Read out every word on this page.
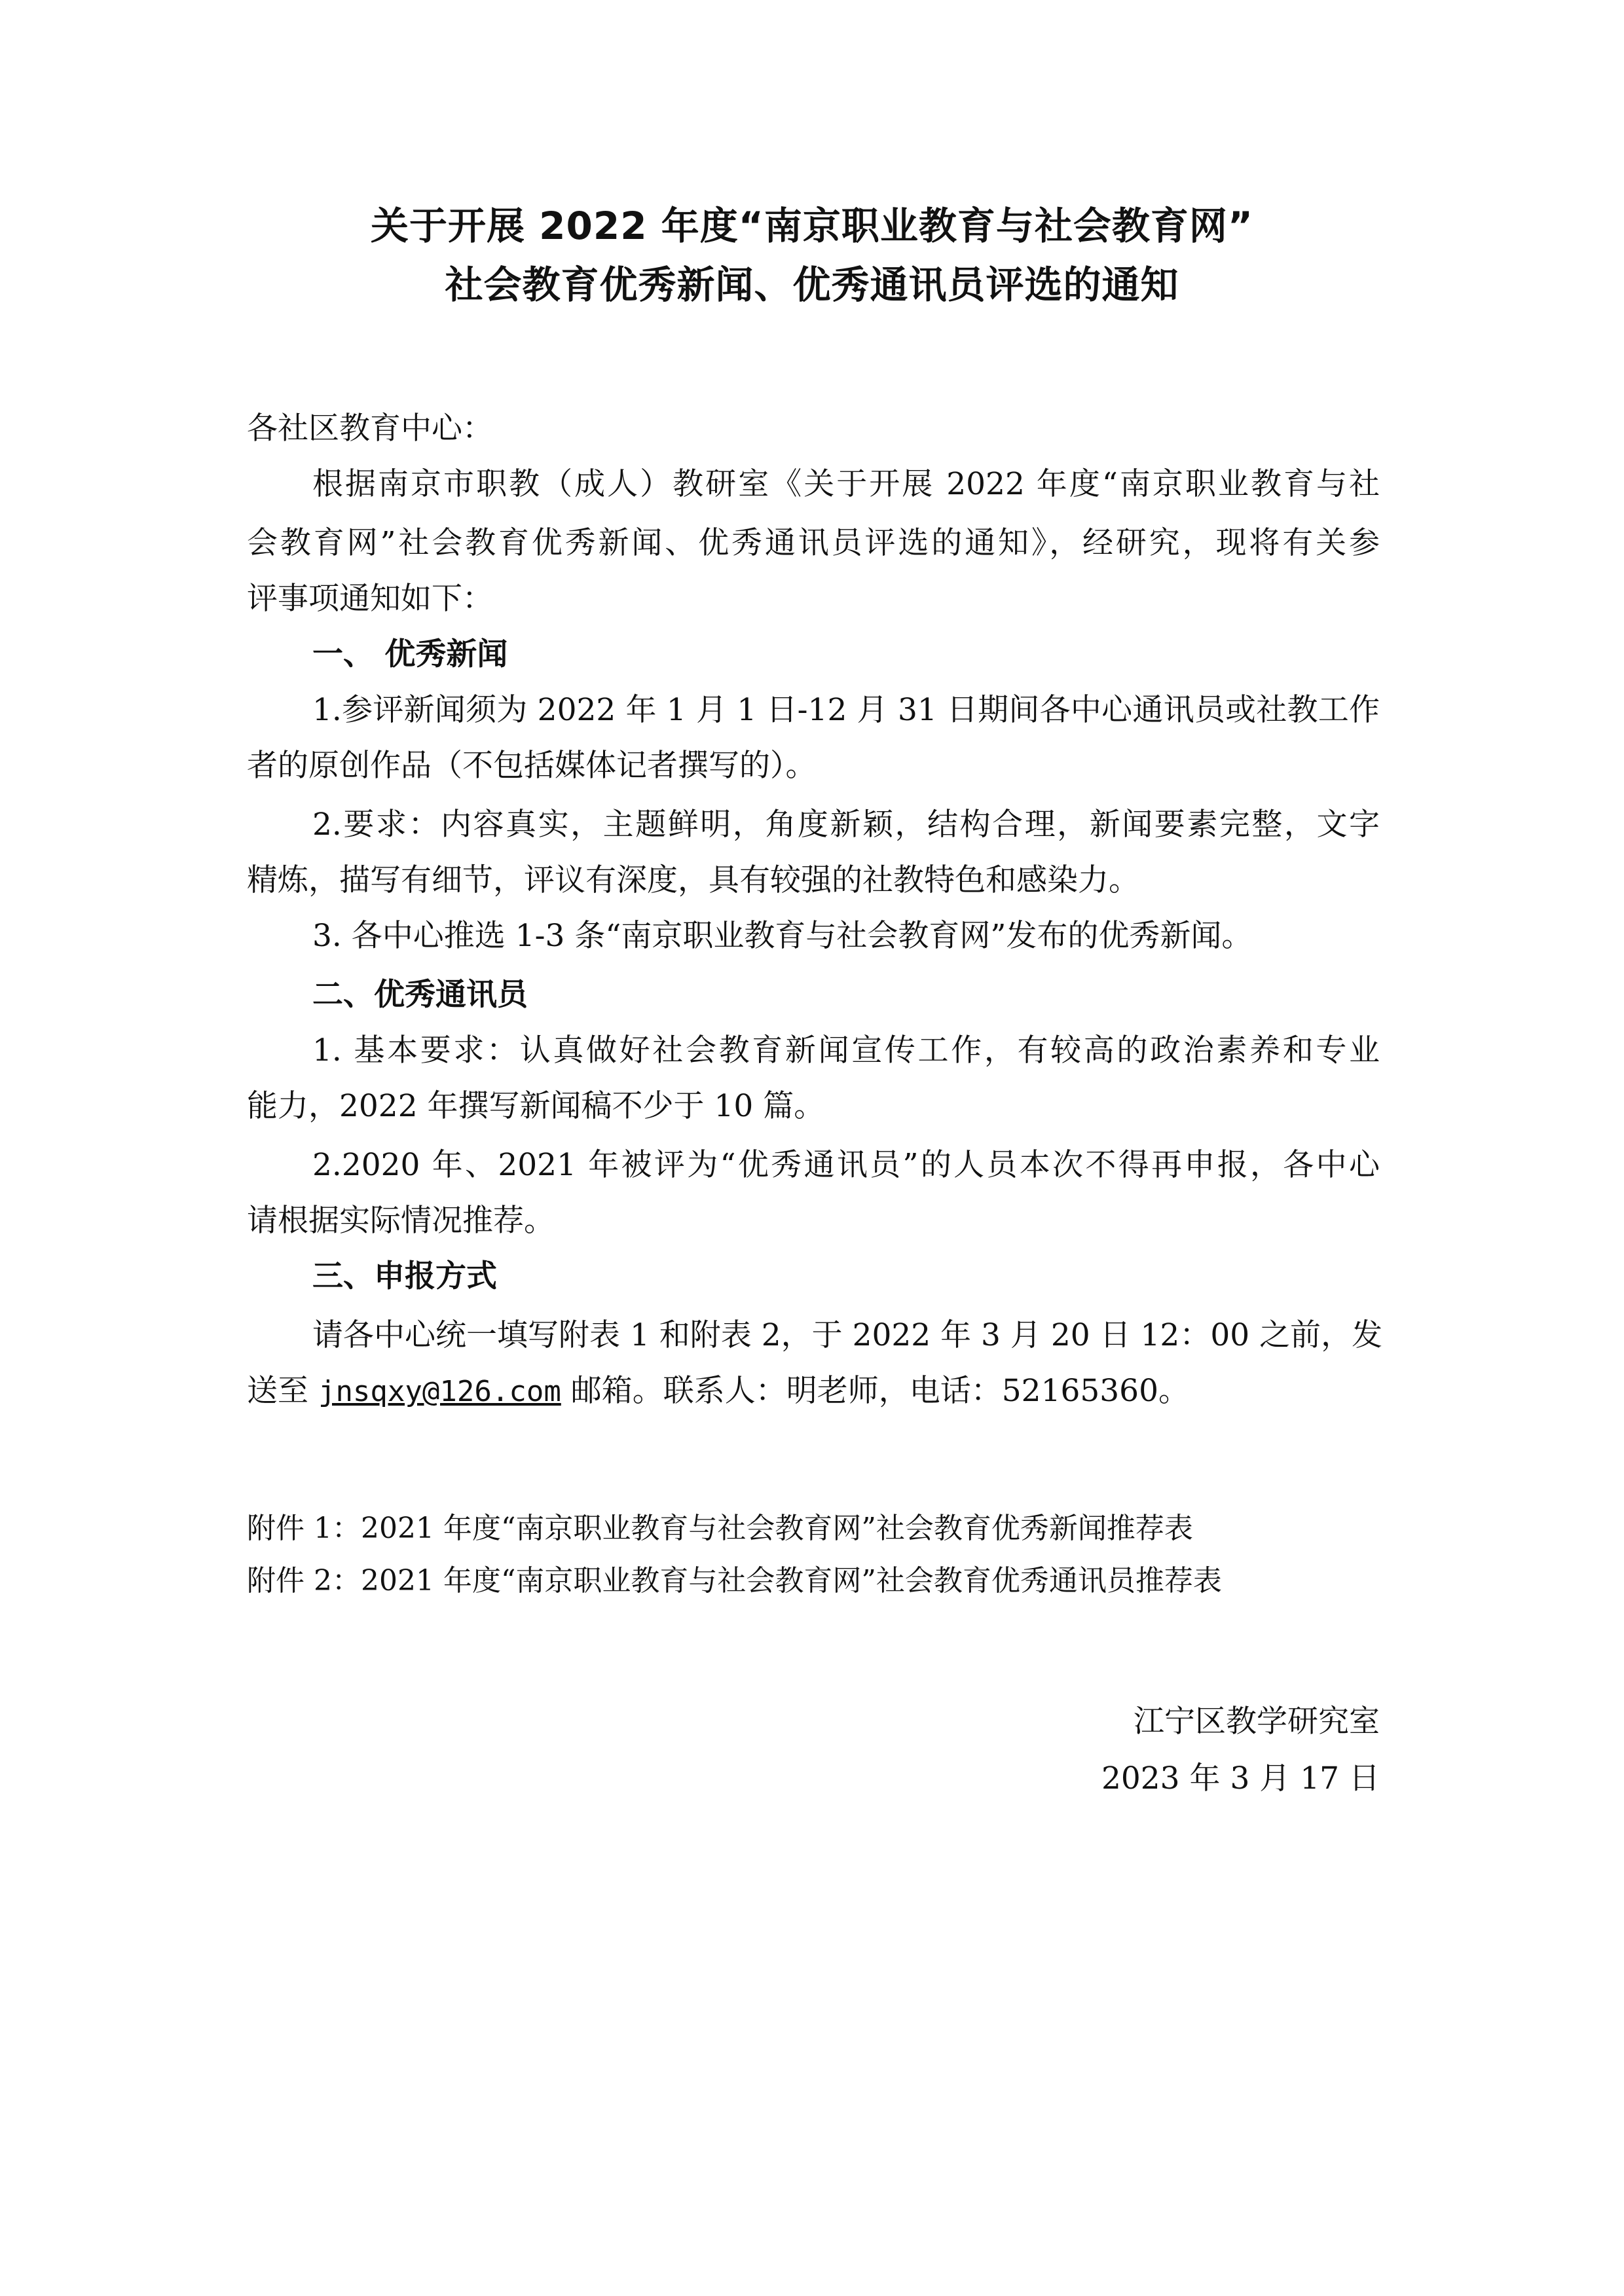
关于开展 2022 年度“南京职业教育与社会教育网”
社会教育优秀新闻、优秀通讯员评选的通知

各社区教育中心：

根据南京市职教（成人）教研室《关于开展 2022 年度“南京职业教育与社

会教育网”社会教育优秀新闻、优秀通讯员评选的通知》，经研究，现将有关参

评事项通知如下：

一、 优秀新闻

1.参评新闻须为 2022 年 1 月 1 日-12 月 31 日期间各中心通讯员或社教工作

者的原创作品（不包括媒体记者撰写的）。

2.要求：内容真实，主题鲜明，角度新颖，结构合理，新闻要素完整，文字

精炼，描写有细节，评议有深度，具有较强的社教特色和感染力。

3. 各中心推选 1-3 条“南京职业教育与社会教育网”发布的优秀新闻。

二、优秀通讯员

1. 基本要求：认真做好社会教育新闻宣传工作，有较高的政治素养和专业

能力，2022 年撰写新闻稿不少于 10 篇。

2.2020 年、2021 年被评为“优秀通讯员”的人员本次不得再申报，各中心

请根据实际情况推荐。

三、申报方式

请各中心统一填写附表 1 和附表 2，于 2022 年 3 月 20 日 12：00 之前，发

送至 jnsqxy@126.com 邮箱。联系人：明老师，电话：52165360。

附件 1：2021 年度“南京职业教育与社会教育网”社会教育优秀新闻推荐表

附件 2：2021 年度“南京职业教育与社会教育网”社会教育优秀通讯员推荐表

江宁区教学研究室

2023 年 3 月 17 日
